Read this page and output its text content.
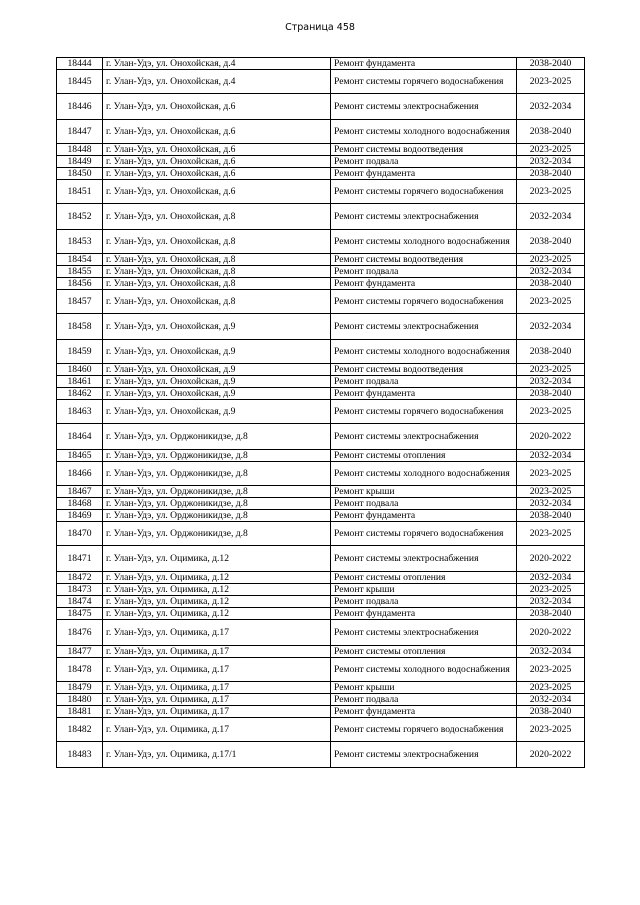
Страница 458
18444	г. Улан-Удэ, ул. Онохойская, д.4	Ремонт фундамента	2038-2040
18445	г. Улан-Удэ, ул. Онохойская, д.4	Ремонт системы горячего водоснабжения	2023-2025
18446	г. Улан-Удэ, ул. Онохойская, д.6	Ремонт системы электроснабжения	2032-2034
18447	г. Улан-Удэ, ул. Онохойская, д.6	Ремонт системы холодного водоснабжения	2038-2040
18448	г. Улан-Удэ, ул. Онохойская, д.6	Ремонт системы водоотведения	2023-2025
18449	г. Улан-Удэ, ул. Онохойская, д.6	Ремонт подвала	2032-2034
18450	г. Улан-Удэ, ул. Онохойская, д.6	Ремонт фундамента	2038-2040
18451	г. Улан-Удэ, ул. Онохойская, д.6	Ремонт системы горячего водоснабжения	2023-2025
18452	г. Улан-Удэ, ул. Онохойская, д.8	Ремонт системы электроснабжения	2032-2034
18453	г. Улан-Удэ, ул. Онохойская, д.8	Ремонт системы холодного водоснабжения	2038-2040
18454	г. Улан-Удэ, ул. Онохойская, д.8	Ремонт системы водоотведения	2023-2025
18455	г. Улан-Удэ, ул. Онохойская, д.8	Ремонт подвала	2032-2034
18456	г. Улан-Удэ, ул. Онохойская, д.8	Ремонт фундамента	2038-2040
18457	г. Улан-Удэ, ул. Онохойская, д.8	Ремонт системы горячего водоснабжения	2023-2025
18458	г. Улан-Удэ, ул. Онохойская, д.9	Ремонт системы электроснабжения	2032-2034
18459	г. Улан-Удэ, ул. Онохойская, д.9	Ремонт системы холодного водоснабжения	2038-2040
18460	г. Улан-Удэ, ул. Онохойская, д.9	Ремонт системы водоотведения	2023-2025
18461	г. Улан-Удэ, ул. Онохойская, д.9	Ремонт подвала	2032-2034
18462	г. Улан-Удэ, ул. Онохойская, д.9	Ремонт фундамента	2038-2040
18463	г. Улан-Удэ, ул. Онохойская, д.9	Ремонт системы горячего водоснабжения	2023-2025
18464	г. Улан-Удэ, ул. Орджоникидзе, д.8	Ремонт системы электроснабжения	2020-2022
18465	г. Улан-Удэ, ул. Орджоникидзе, д.8	Ремонт системы отопления	2032-2034
18466	г. Улан-Удэ, ул. Орджоникидзе, д.8	Ремонт системы холодного водоснабжения	2023-2025
18467	г. Улан-Удэ, ул. Орджоникидзе, д.8	Ремонт крыши	2023-2025
18468	г. Улан-Удэ, ул. Орджоникидзе, д.8	Ремонт подвала	2032-2034
18469	г. Улан-Удэ, ул. Орджоникидзе, д.8	Ремонт фундамента	2038-2040
18470	г. Улан-Удэ, ул. Орджоникидзе, д.8	Ремонт системы горячего водоснабжения	2023-2025
18471	г. Улан-Удэ, ул. Оцимика, д.12	Ремонт системы электроснабжения	2020-2022
18472	г. Улан-Удэ, ул. Оцимика, д.12	Ремонт системы отопления	2032-2034
18473	г. Улан-Удэ, ул. Оцимика, д.12	Ремонт крыши	2023-2025
18474	г. Улан-Удэ, ул. Оцимика, д.12	Ремонт подвала	2032-2034
18475	г. Улан-Удэ, ул. Оцимика, д.12	Ремонт фундамента	2038-2040
18476	г. Улан-Удэ, ул. Оцимика, д.17	Ремонт системы электроснабжения	2020-2022
18477	г. Улан-Удэ, ул. Оцимика, д.17	Ремонт системы отопления	2032-2034
18478	г. Улан-Удэ, ул. Оцимика, д.17	Ремонт системы холодного водоснабжения	2023-2025
18479	г. Улан-Удэ, ул. Оцимика, д.17	Ремонт крыши	2023-2025
18480	г. Улан-Удэ, ул. Оцимика, д.17	Ремонт подвала	2032-2034
18481	г. Улан-Удэ, ул. Оцимика, д.17	Ремонт фундамента	2038-2040
18482	г. Улан-Удэ, ул. Оцимика, д.17	Ремонт системы горячего водоснабжения	2023-2025
18483	г. Улан-Удэ, ул. Оцимика, д.17/1	Ремонт системы электроснабжения	2020-2022
